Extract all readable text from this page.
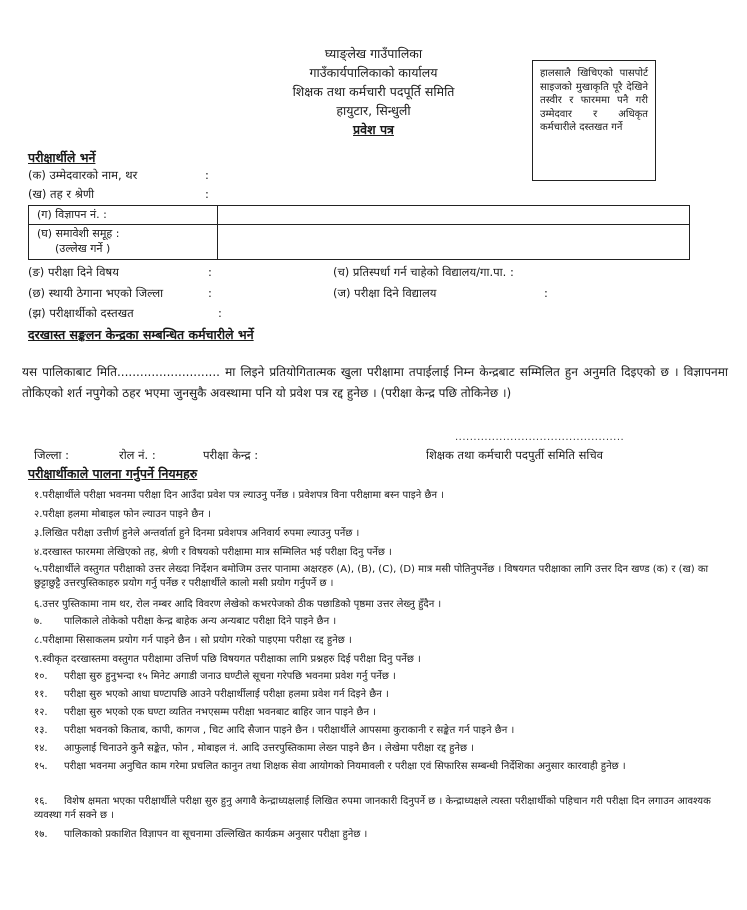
घ्याङ्लेख गाउँपालिका
गाउँकार्यपालिकाको कार्यालय
शिक्षक तथा कर्मचारी पदपूर्ति समिति
हायुटार, सिन्धुली
प्रवेश पत्र
हालसालै खिचिएको पासपोर्ट साइजको मुखाकृति पूरै देखिने तस्वीर र फारममा पनै गरी उम्मेदवार र अधिकृत कर्मचारीले दस्तखत गर्ने
परीक्षार्थीले भर्ने
(क) उम्मेदवारको नाम, थर	:
(ख) तह र श्रेणी	:
(ग) विज्ञापन नं. :	

(घ) समावेशी समूह :
(उल्लेख गर्ने )	

(ङ) परीक्षा दिने विषय	:	(च) प्रतिस्पर्धा गर्न चाहेको विद्यालय/गा.पा. :
(छ) स्थायी ठेगाना भएको जिल्ला	:	(ज) परीक्षा दिने विद्यालय	:
(झ) परीक्षार्थीको दस्तखत	:
दरखास्त सङ्कलन केन्द्रका सम्बन्धित कर्मचारीले भर्ने
यस पालिकाबाट मिति........................... मा लिइने प्रतियोगितात्मक खुला परीक्षामा तपाईलाई निम्न केन्द्रबाट सम्मिलित हुन अनुमति दिइएको छ । विज्ञापनमा तोकिएको शर्त नपुगेको ठहर भएमा जुनसुकै अवस्थामा पनि यो प्रवेश पत्र रद्द हुनेछ । (परीक्षा केन्द्र पछि तोकिनेछ ।)
..............................................
जिल्ला :	रोल नं. :	परीक्षा केन्द्र :	शिक्षक तथा कर्मचारी पदपुर्ती समिति सचिव
परीक्षार्थीकाले पालना गर्नुपर्ने नियमहरु
१.परीक्षार्थीले परीक्षा भवनमा परीक्षा दिन आउँदा प्रवेश पत्र ल्याउनु पर्नेछ । प्रवेशपत्र विना परीक्षामा बस्न पाइने छैन ।
२.परीक्षा हलमा मोबाइल फोन ल्याउन पाइने छैन ।
३.लिखित परीक्षा उत्तीर्ण हुनेले अन्तर्वार्ता हुने दिनमा प्रवेशपत्र अनिवार्य रुपमा ल्याउनु पर्नेछ ।
४.दरखास्त फारममा लेखिएको तह, श्रेणी र विषयको परीक्षामा मात्र सम्मिलित भई परीक्षा दिनु पर्नेछ ।
५.परीक्षार्थीले वस्तुगत परीक्षाको उत्तर लेख्दा निर्देशन बमोजिम उत्तर पानामा अक्षरहरु (A), (B), (C), (D) मात्र मसी पोतिनुपर्नेछ । विषयगत परीक्षाका लागि उत्तर दिन खण्ड (क) र (ख) का छुट्टाछुट्टै उत्तरपुस्तिकाहरु प्रयोग गर्नु पर्नेछ र परीक्षार्थीले कालो मसी प्रयोग गर्नुपर्ने छ ।
६.उत्तर पुस्तिकामा नाम थर, रोल नम्बर आदि विवरण लेखेको कभरपेजको ठीक पछाडिको पृष्ठमा उत्तर लेख्नु हुँदैन ।
७. पालिकाले तोकेको परीक्षा केन्द्र बाहेक अन्य अन्यबाट परीक्षा दिने पाइने छैन ।
८.परीक्षामा सिसाकलम प्रयोग गर्न पाइने छैन । सो प्रयोग गरेको पाइएमा परीक्षा रद्द हुनेछ ।
९.स्वीकृत दरखास्तमा वस्तुगत परीक्षामा उत्तिर्ण पछि विषयगत परीक्षाका लागि प्रश्नहरु दिई परीक्षा दिनु पर्नेछ ।
१०. परीक्षा सुरु हुनुभन्दा १५ मिनेट अगाडी जनाउ घण्टीले सूचना गरेपछि भवनमा प्रवेश गर्नु पर्नेछ ।
११. परीक्षा सुरु भएको आधा घण्टापछि आउने परीक्षार्थीलाई परीक्षा हलमा प्रवेश गर्न दिइने छैन ।
१२. परीक्षा सुरु भएको एक घण्टा व्यतित नभएसम्म परीक्षा भवनबाट बाहिर जान पाइने छैन ।
१३. परीक्षा भवनको किताब, कापी, कागज , चिट आदि सैजान पाइने छैन । परीक्षार्थीले आपसमा कुराकानी र सङ्केत गर्न पाइने छैन ।
१४. आफुलाई चिनाउने कुनै सङ्केत, फोन , मोबाइल नं. आदि उत्तरपुस्तिकामा लेख्न पाइने छैन । लेखेमा परीक्षा रद्द हुनेछ ।
१५. परीक्षा भवनमा अनुचित काम गरेमा प्रचलित कानुन तथा शिक्षक सेवा आयोगको नियमावली र परीक्षा एवं सिफारिस सम्बन्धी निर्देशिका अनुसार कारवाही हुनेछ ।
१६. विशेष क्षमता भएका परीक्षार्थीले परीक्षा सुरु हुनु अगावै केन्द्राध्यक्षलाई लिखित रुपमा जानकारी दिनुपर्ने छ । केन्द्राध्यक्षले त्यस्ता परीक्षार्थीको पहिचान गरी परीक्षा दिन लगाउन आवश्यक व्यवस्था गर्न सक्ने छ ।
१७. पालिकाको प्रकाशित विज्ञापन वा सूचनामा उल्लिखित कार्यक्रम अनुसार परीक्षा हुनेछ ।
